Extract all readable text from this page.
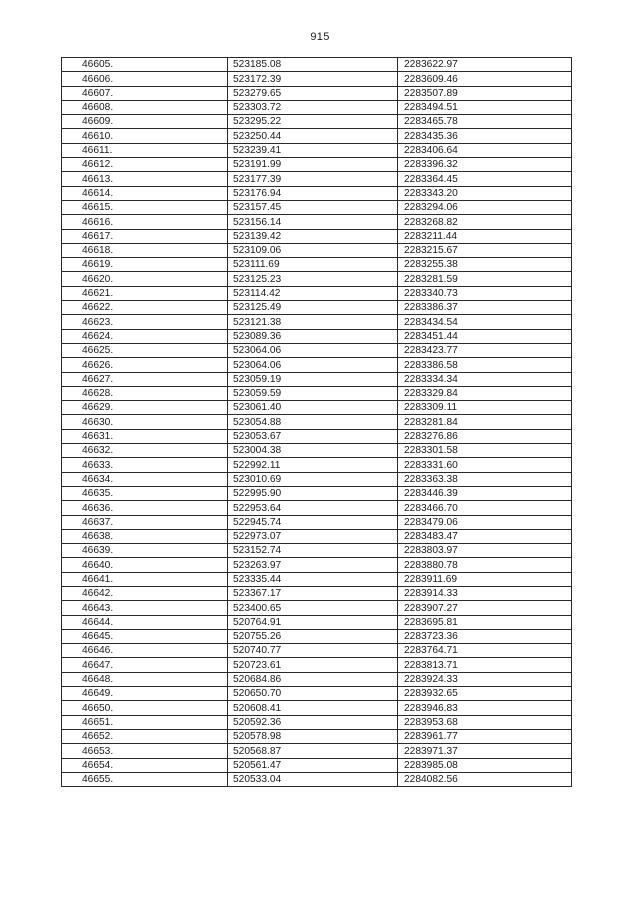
915
46605.	523185.08	2283622.97
46606.	523172.39	2283609.46
46607.	523279.65	2283507.89
46608.	523303.72	2283494.51
46609.	523295.22	2283465.78
46610.	523250.44	2283435.36
46611.	523239.41	2283406.64
46612.	523191.99	2283396.32
46613.	523177.39	2283364.45
46614.	523176.94	2283343.20
46615.	523157.45	2283294.06
46616.	523156.14	2283268.82
46617.	523139.42	2283211.44
46618.	523109.06	2283215.67
46619.	523111.69	2283255.38
46620.	523125.23	2283281.59
46621.	523114.42	2283340.73
46622.	523125.49	2283386.37
46623.	523121.38	2283434.54
46624.	523089.36	2283451.44
46625.	523064.06	2283423.77
46626.	523064.06	2283386.58
46627.	523059.19	2283334.34
46628.	523059.59	2283329.84
46629.	523061.40	2283309.11
46630.	523054.88	2283281.84
46631.	523053.67	2283276.86
46632.	523004.38	2283301.58
46633.	522992.11	2283331.60
46634.	523010.69	2283363.38
46635.	522995.90	2283446.39
46636.	522953.64	2283466.70
46637.	522945.74	2283479.06
46638.	522973.07	2283483.47
46639.	523152.74	2283803.97
46640.	523263.97	2283880.78
46641.	523335.44	2283911.69
46642.	523367.17	2283914.33
46643.	523400.65	2283907.27
46644.	520764.91	2283695.81
46645.	520755.26	2283723.36
46646.	520740.77	2283764.71
46647.	520723.61	2283813.71
46648.	520684.86	2283924.33
46649.	520650.70	2283932.65
46650.	520608.41	2283946.83
46651.	520592.36	2283953.68
46652.	520578.98	2283961.77
46653.	520568.87	2283971.37
46654.	520561.47	2283985.08
46655.	520533.04	2284082.56
